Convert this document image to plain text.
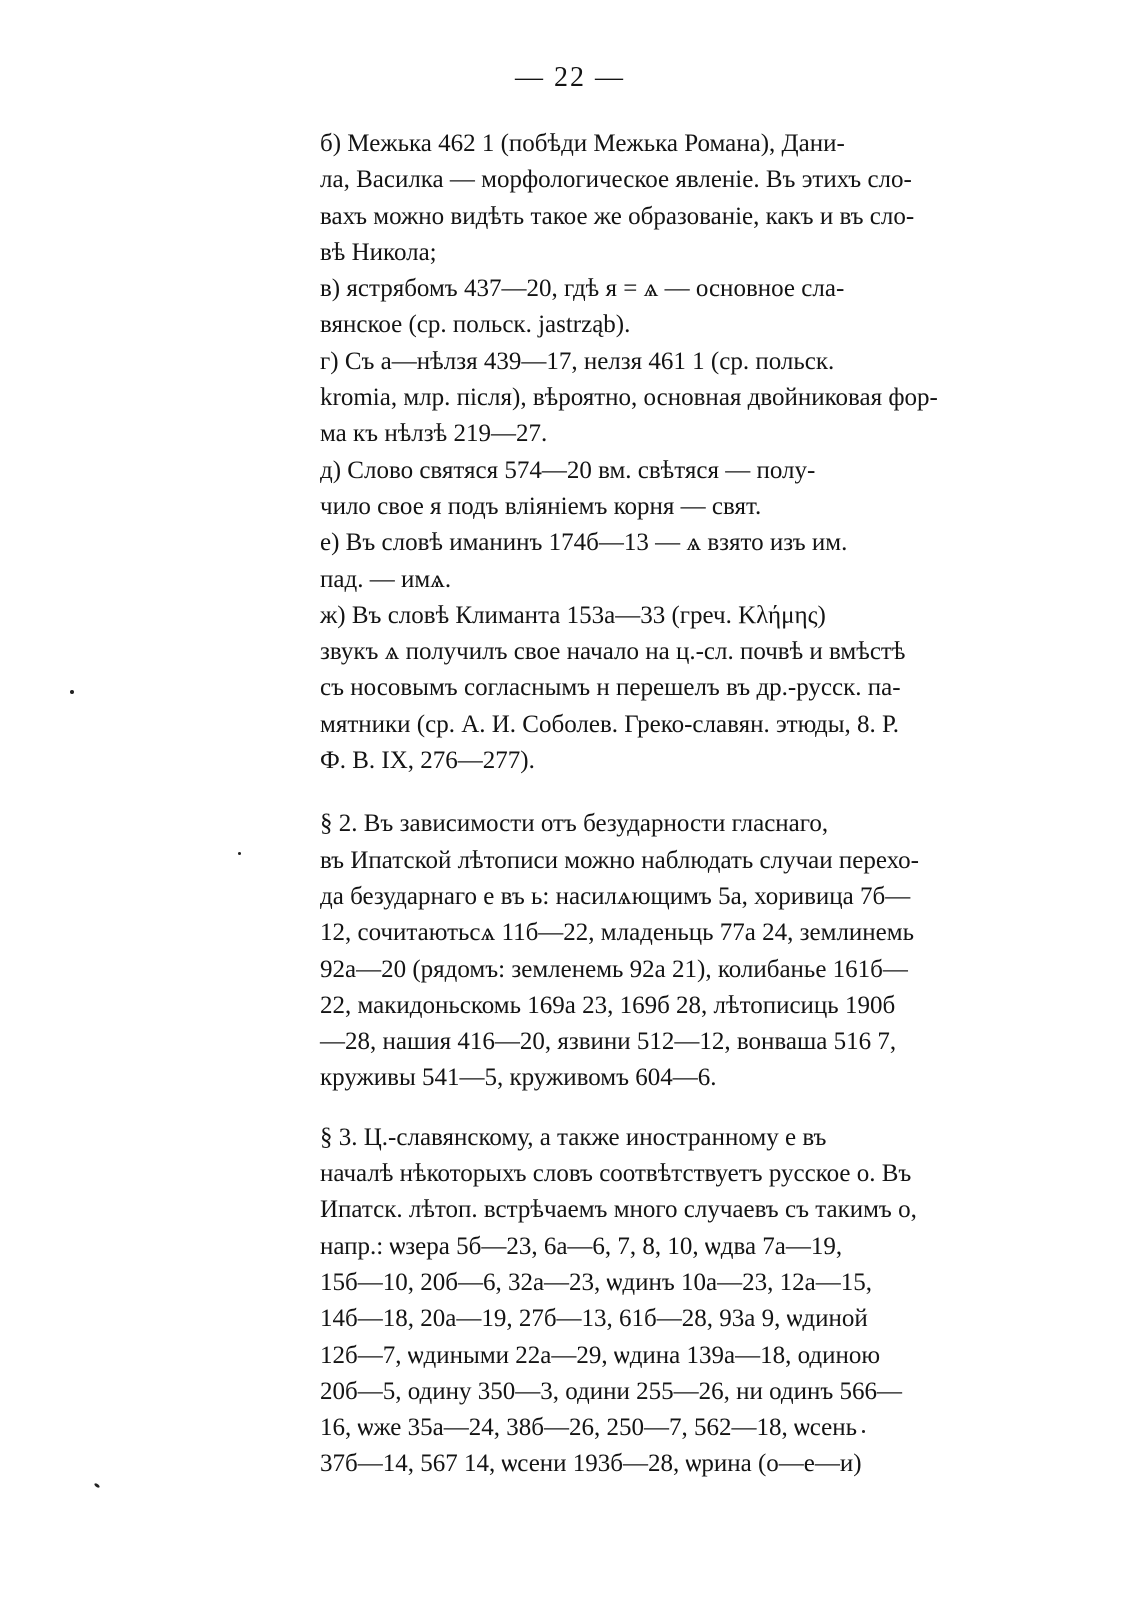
— 22 —

б) Межька 462 1 (побѣди Межька Романа), Дани-
ла, Василка — морфологическое явленіе. Въ этихъ сло-
вахъ можно видѣть такое же образованіе, какъ и въ сло-
вѣ Никола;

в) ястрябомъ 437—20, гдѣ я = ѧ — основное сла-
вянское (ср. польск. jastrząb).

г) Съ а—нѣлзя 439—17, нелзя 461 1 (ср. польск.
kromia, млр. після), вѣроятно, основная двойниковая фор-
ма къ нѣлзѣ 219—27.

д) Слово святяся 574—20 вм. свѣтяся — полу-
чило свое я подъ вліяніемъ корня — свят.

е) Въ словѣ иманинъ 174б—13 — ѧ взято изъ им.
пад. — имѧ.

ж) Въ словѣ Климанта 153а—33 (греч. Κλήμης)
звукъ ѧ получилъ свое начало на ц.-сл. почвѣ и вмѣстѣ
съ носовымъ согласнымъ н перешелъ въ др.-русск. па-
мятники (ср. А. И. Соболев. Греко-славян. этюды, 8. Р.
Ф. В. IX, 276—277).

§ 2. Въ зависимости отъ безударности гласнаго,
въ Ипатской лѣтописи можно наблюдать случаи перехо-
да безударнаго е въ ь: насилѧющимъ 5а, хоривица 7б—
12, сочитаютьсѧ 11б—22, младеньць 77а 24, землинемь
92а—20 (рядомъ: земленемь 92а 21), колибанье 161б—
22, макидоньскомь 169а 23, 169б 28, лѣтописиць 190б
—28, нашия 416—20, язвини 512—12, вонваша 516 7,
круживы 541—5, круживомъ 604—6.

§ 3. Ц.-славянскому, а также иностранному е въ
началѣ нѣкоторыхъ словъ соотвѣтствуетъ русское о. Въ
Ипатск. лѣтоп. встрѣчаемъ много случаевъ съ такимъ о,
напр.: ѡзера 5б—23, 6а—6, 7, 8, 10, ѡдва 7а—19,
15б—10, 20б—6, 32а—23, ѡдинъ 10а—23, 12а—15,
14б—18, 20а—19, 27б—13, 61б—28, 93а 9, ѡдиной
12б—7, ѡдиными 22а—29, ѡдина 139а—18, одиною
20б—5, одину 350—3, одини 255—26, ни одинъ 566—
16, ѡже 35а—24, 38б—26, 250—7, 562—18, ѡсень
37б—14, 567 14, ѡсени 193б—28, ѡрина (о—е—и)
